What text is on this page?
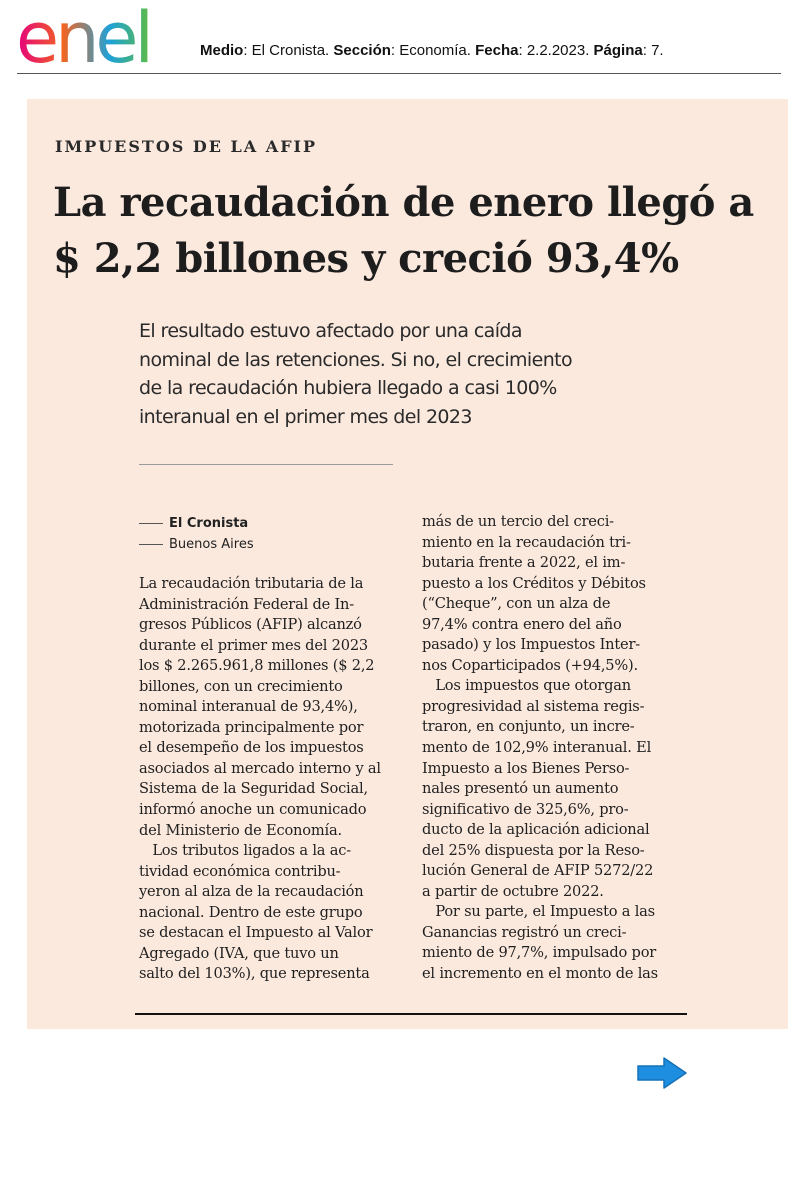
enel	Medio: El Cronista. Sección: Economía. Fecha: 2.2.2023. Página: 7.
IMPUESTOS DE LA AFIP
La recaudación de enero llegó a
$ 2,2 billones y creció 93,4%
El resultado estuvo afectado por una caída
nominal de las retenciones. Si no, el crecimiento
de la recaudación hubiera llegado a casi 100%
interanual en el primer mes del 2023
El Cronista
Buenos Aires
La recaudación tributaria de la
Administración Federal de In-
gresos Públicos (AFIP) alcanzó
durante el primer mes del 2023
los $ 2.265.961,8 millones ($ 2,2
billones, con un crecimiento
nominal interanual de 93,4%),
motorizada principalmente por
el desempeño de los impuestos
asociados al mercado interno y al
Sistema de la Seguridad Social,
informó anoche un comunicado
del Ministerio de Economía.
Los tributos ligados a la ac-
tividad económica contribu-
yeron al alza de la recaudación
nacional. Dentro de este grupo
se destacan el Impuesto al Valor
Agregado (IVA, que tuvo un
salto del 103%), que representa
más de un tercio del creci-
miento en la recaudación tri-
butaria frente a 2022, el im-
puesto a los Créditos y Débitos
(“Cheque”, con un alza de
97,4% contra enero del año
pasado) y los Impuestos Inter-
nos Coparticipados (+94,5%).
Los impuestos que otorgan
progresividad al sistema regis-
traron, en conjunto, un incre-
mento de 102,9% interanual. El
Impuesto a los Bienes Perso-
nales presentó un aumento
significativo de 325,6%, pro-
ducto de la aplicación adicional
del 25% dispuesta por la Reso-
lución General de AFIP 5272/22
a partir de octubre 2022.
Por su parte, el Impuesto a las
Ganancias registró un creci-
miento de 97,7%, impulsado por
el incremento en el monto de las
